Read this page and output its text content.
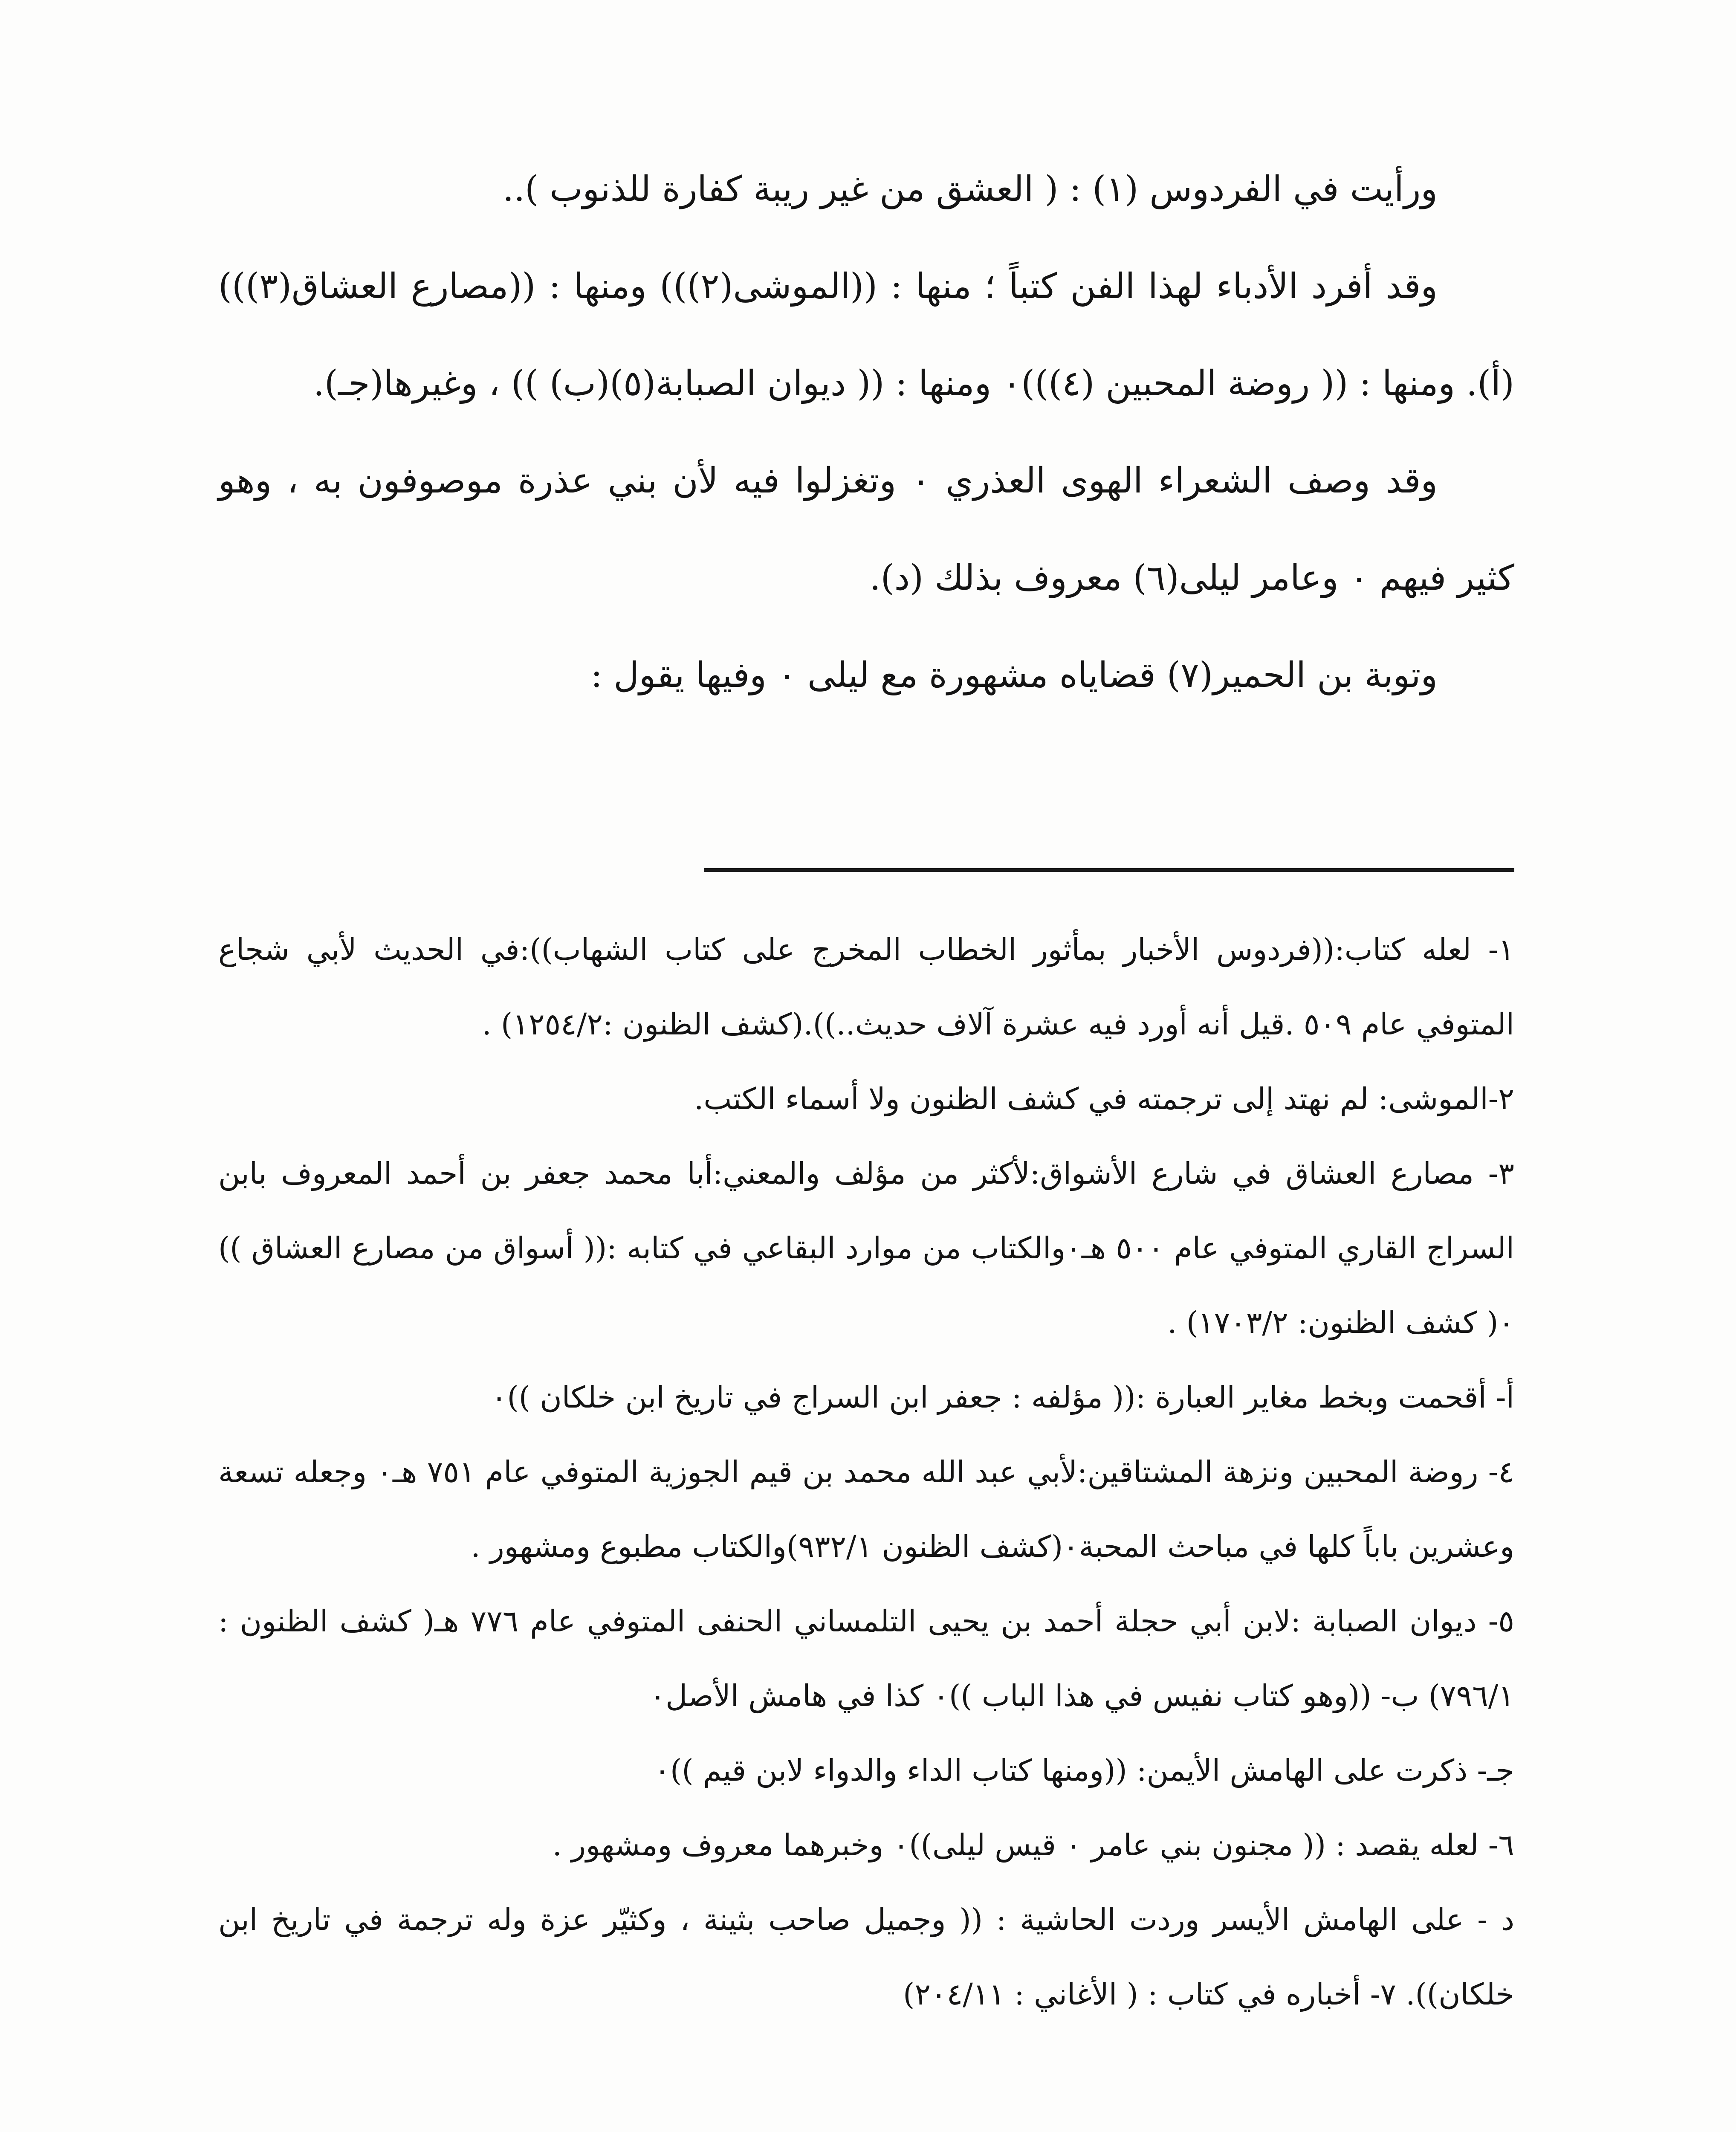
ورأيت في الفردوس (١) : ( العشق من غير ريبة كفارة للذنوب )..

وقد أفرد الأدباء لهذا الفن كتباً ؛ منها : ((الموشى(٢))) ومنها : ((مصارع العشاق(٣))) (أ). ومنها : (( روضة المحبين (٤)))٠ ومنها : (( ديوان الصبابة(٥)(ب) )) ، وغيرها(جـ).

وقد وصف الشعراء الهوى العذري ٠ وتغزلوا فيه لأن بني عذرة موصوفون به ، وهو كثير فيهم ٠ وعامر ليلى(٦) معروف بذلك (د).

وتوبة بن الحمير(٧) قضاياه مشهورة مع ليلى ٠ وفيها يقول :

١- لعله كتاب:((فردوس الأخبار بمأثور الخطاب المخرج على كتاب الشهاب)):في الحديث لأبي شجاع المتوفي عام ٥٠٩ .قيل أنه أورد فيه عشرة آلاف حديث..)).(كشف الظنون :١٢٥٤/٢) .

٢-الموشى: لم نهتد إلى ترجمته في كشف الظنون ولا أسماء الكتب.

٣- مصارع العشاق في شارع الأشواق:لأكثر من مؤلف والمعني:أبا محمد جعفر بن أحمد المعروف بابن السراج القاري المتوفي عام ٥٠٠ هـ٠والكتاب من موارد البقاعي في كتابه :(( أسواق من مصارع العشاق )) ٠( كشف الظنون: ١٧٠٣/٢) .

أ- أقحمت وبخط مغاير العبارة :(( مؤلفه : جعفر ابن السراج في تاريخ ابن خلكان ))٠

٤- روضة المحبين ونزهة المشتاقين:لأبي عبد الله محمد بن قيم الجوزية المتوفي عام ٧٥١ هـ٠ وجعله تسعة وعشرين باباً كلها في مباحث المحبة٠(كشف الظنون ٩٣٢/١)والكتاب مطبوع ومشهور .

٥- ديوان الصبابة :لابن أبي حجلة أحمد بن يحيى التلمساني الحنفى المتوفي عام ٧٧٦ هـ( كشف الظنون : ٧٩٦/١) ب- ((وهو كتاب نفيس في هذا الباب ))٠ كذا في هامش الأصل٠

جـ- ذكرت على الهامش الأيمن: ((ومنها كتاب الداء والدواء لابن قيم ))٠

٦- لعله يقصد : (( مجنون بني عامر ٠ قيس ليلى))٠ وخبرهما معروف ومشهور .

د - على الهامش الأيسر وردت الحاشية : (( وجميل صاحب بثينة ، وكثيّر عزة وله ترجمة في تاريخ ابن خلكان)). ٧- أخباره في كتاب : ( الأغاني : ٢٠٤/١١)
